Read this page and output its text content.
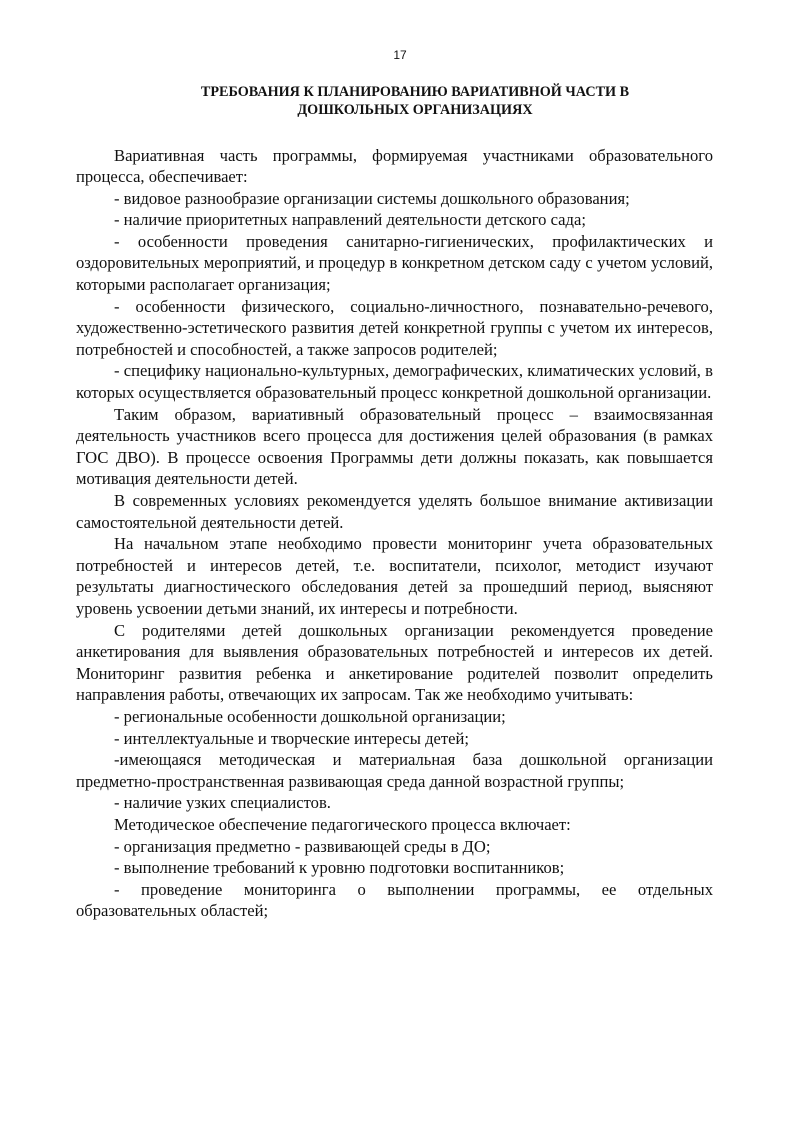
17
ТРЕБОВАНИЯ К ПЛАНИРОВАНИЮ ВАРИАТИВНОЙ ЧАСТИ В
ДОШКОЛЬНЫХ ОРГАНИЗАЦИЯХ

Вариативная часть программы, формируемая участниками образовательного процесса, обеспечивает:

- видовое разнообразие организации системы дошкольного образования;

- наличие приоритетных направлений деятельности детского сада;

- особенности проведения санитарно-гигиенических, профилактических и оздоровительных мероприятий, и процедур в конкретном детском саду с учетом условий, которыми располагает организация;

- особенности физического, социально-личностного, познавательно-речевого, художественно-эстетического развития детей конкретной группы с учетом их интересов, потребностей и способностей, а также запросов родителей;

- специфику национально-культурных, демографических, климатических условий, в которых осуществляется образовательный процесс конкретной дошкольной организации.

Таким образом, вариативный образовательный процесс – взаимосвязанная деятельность участников всего процесса для достижения целей образования (в рамках ГОС ДВО). В процессе освоения Программы дети должны показать, как повышается мотивация деятельности детей.

В современных условиях рекомендуется уделять большое внимание активизации самостоятельной деятельности детей.

На начальном этапе необходимо провести мониторинг учета образовательных потребностей и интересов детей, т.е. воспитатели, психолог, методист изучают результаты диагностического обследования детей за прошедший период, выясняют уровень усвоении детьми знаний, их интересы и потребности.

С родителями детей дошкольных организации рекомендуется проведение анкетирования для выявления образовательных потребностей и интересов их детей. Мониторинг развития ребенка и анкетирование родителей позволит определить направления работы, отвечающих их запросам. Так же необходимо учитывать:

- региональные особенности дошкольной организации;

- интеллектуальные и творческие интересы детей;

-имеющаяся методическая и материальная база дошкольной организации предметно-пространственная развивающая среда данной возрастной группы;

- наличие узких специалистов.

Методическое обеспечение педагогического процесса включает:

- организация предметно - развивающей среды в ДО;

- выполнение требований к уровню подготовки воспитанников;

- проведение мониторинга о выполнении программы, ее отдельных образовательных областей;
